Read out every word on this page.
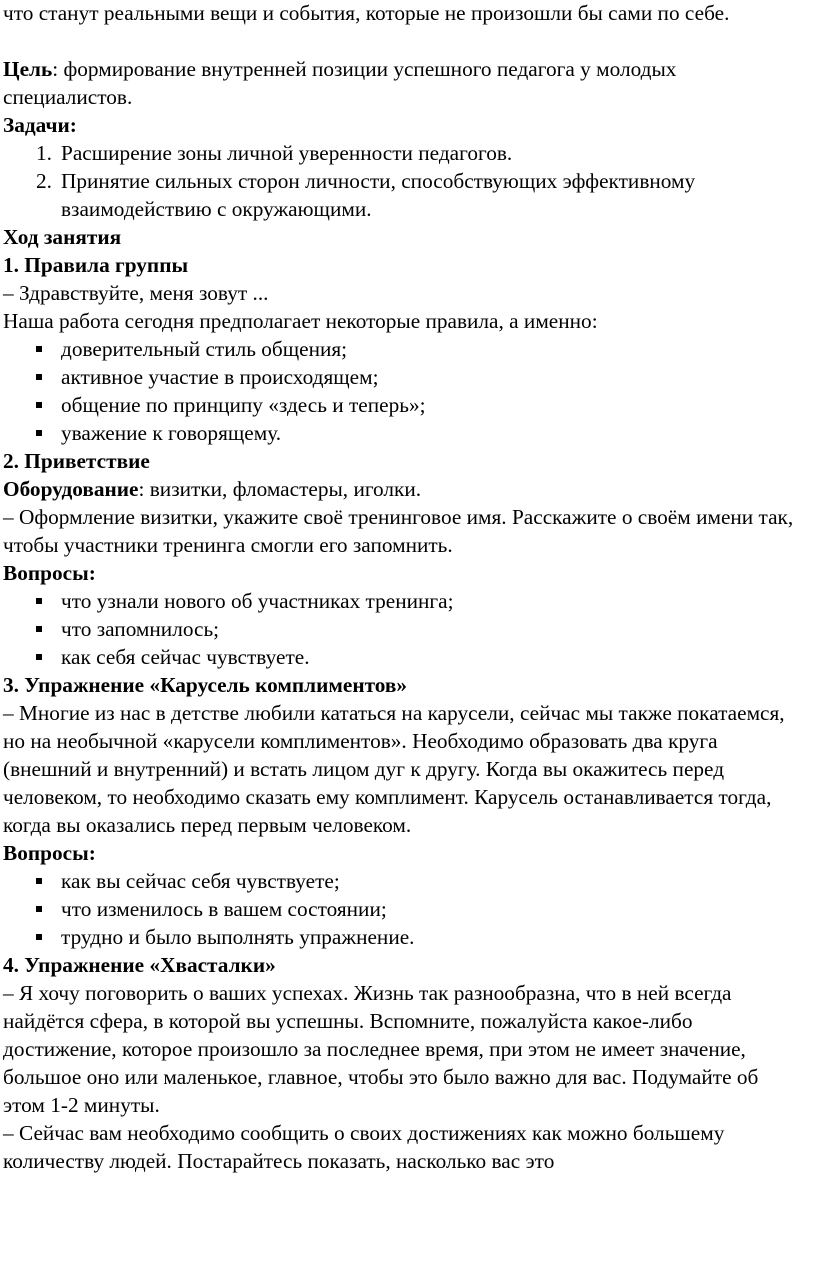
что станут реальными вещи и события, которые не произошли бы сами по себе.

Цель: формирование внутренней позиции успешного педагога у молодых специалистов.

Задачи:

1. Расширение зоны личной уверенности педагогов.
2. Принятие сильных сторон личности, способствующих эффективному взаимодействию с окружающими.

Ход занятия

1. Правила группы

– Здравствуйте, меня зовут ...

Наша работа сегодня предполагает некоторые правила, а именно:

доверительный стиль общения;
активное участие в происходящем;
общение по принципу «здесь и теперь»;
уважение к говорящему.

2. Приветствие

Оборудование: визитки, фломастеры, иголки.

– Оформление визитки, укажите своё тренинговое имя. Расскажите о своём имени так, чтобы участники тренинга смогли его запомнить.

Вопросы:

что узнали нового об участниках тренинга;
что запомнилось;
как себя сейчас чувствуете.

3. Упражнение «Карусель комплиментов»

– Многие из нас в детстве любили кататься на карусели, сейчас мы также покатаемся, но на необычной «карусели комплиментов». Необходимо образовать два круга (внешний и внутренний) и встать лицом дуг к другу. Когда вы окажитесь перед человеком, то необходимо сказать ему комплимент. Карусель останавливается тогда, когда вы оказались перед первым человеком.

Вопросы:

как вы сейчас себя чувствуете;
что изменилось в вашем состоянии;
трудно и было выполнять упражнение.

4. Упражнение «Хвасталки»

– Я хочу поговорить о ваших успехах. Жизнь так разнообразна, что в ней всегда найдётся сфера, в которой вы успешны. Вспомните, пожалуйста какое-либо достижение, которое произошло за последнее время, при этом не имеет значение, большое оно или маленькое, главное, чтобы это было важно для вас. Подумайте об этом 1-2 минуты.

– Сейчас вам необходимо сообщить о своих достижениях как можно большему количеству людей. Постарайтесь показать, насколько вас это
